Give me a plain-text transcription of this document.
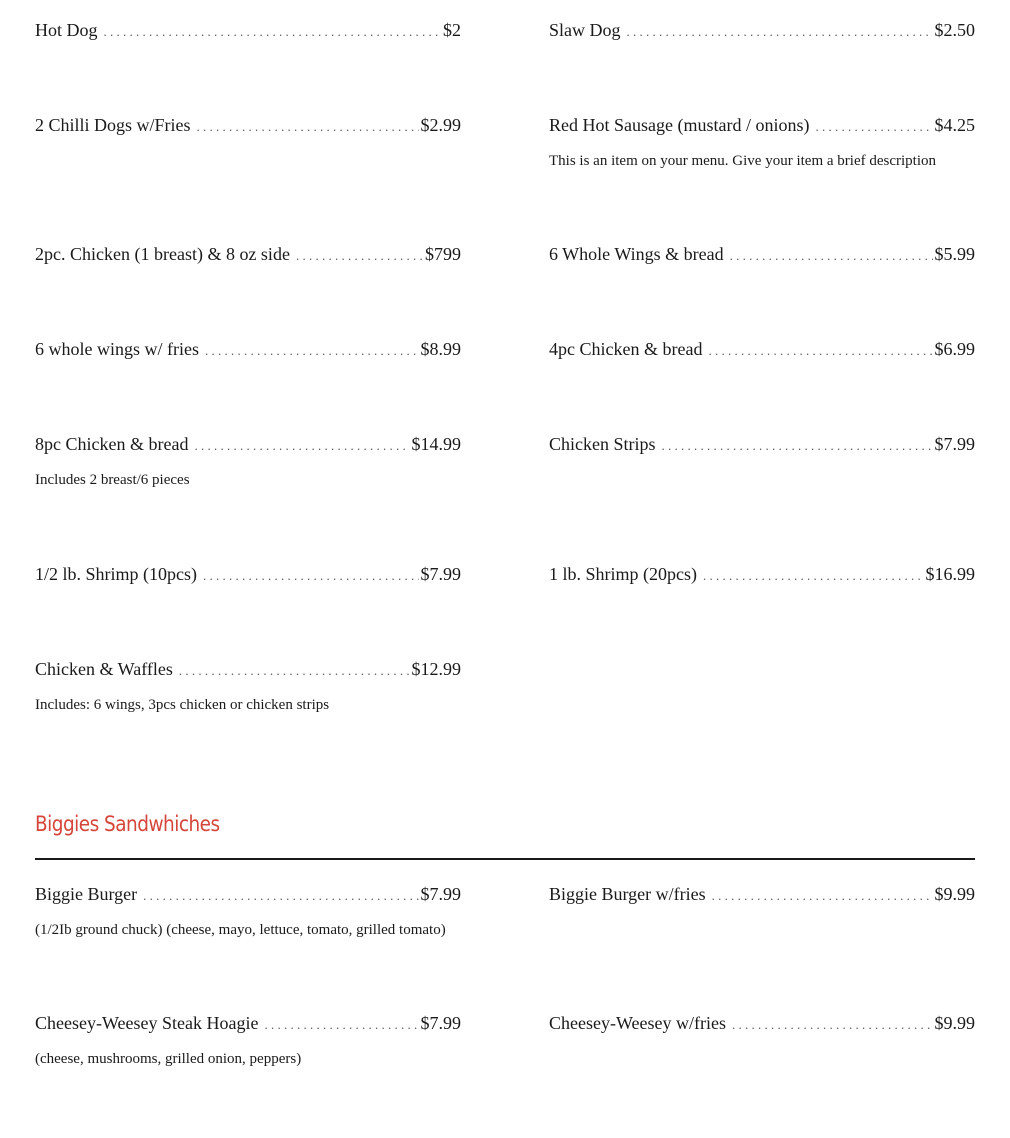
Hot Dog . . .	$2	Slaw Dog . . .	$2.50
2 Chilli Dogs w/Fries . . .	$2.99	Red Hot Sausage (mustard / onions) . . .	$4.25
This is an item on your menu. Give your item a brief description
2pc. Chicken (1 breast) & 8 oz side . . .	$799	6 Whole Wings & bread . . .	$5.99
6 whole wings w/ fries . . .	$8.99	4pc Chicken & bread . . .	$6.99
8pc Chicken & bread . . .	$14.99
Includes 2 breast/6 pieces
Chicken Strips . . .	$7.99
1/2 lb. Shrimp (10pcs) . . .	$7.99	1 lb. Shrimp (20pcs) . . .	$16.99
Chicken & Waffles . . .	$12.99
Includes: 6 wings, 3pcs chicken or chicken strips
Biggies Sandwhiches
Biggie Burger . . .	$7.99
(1/2Ib ground chuck) (cheese, mayo, lettuce, tomato, grilled tomato)
Biggie Burger w/fries . . .	$9.99
Cheesey-Weesey Steak Hoagie . . .	$7.99
(cheese, mushrooms, grilled onion, peppers)
Cheesey-Weesey w/fries . . .	$9.99
